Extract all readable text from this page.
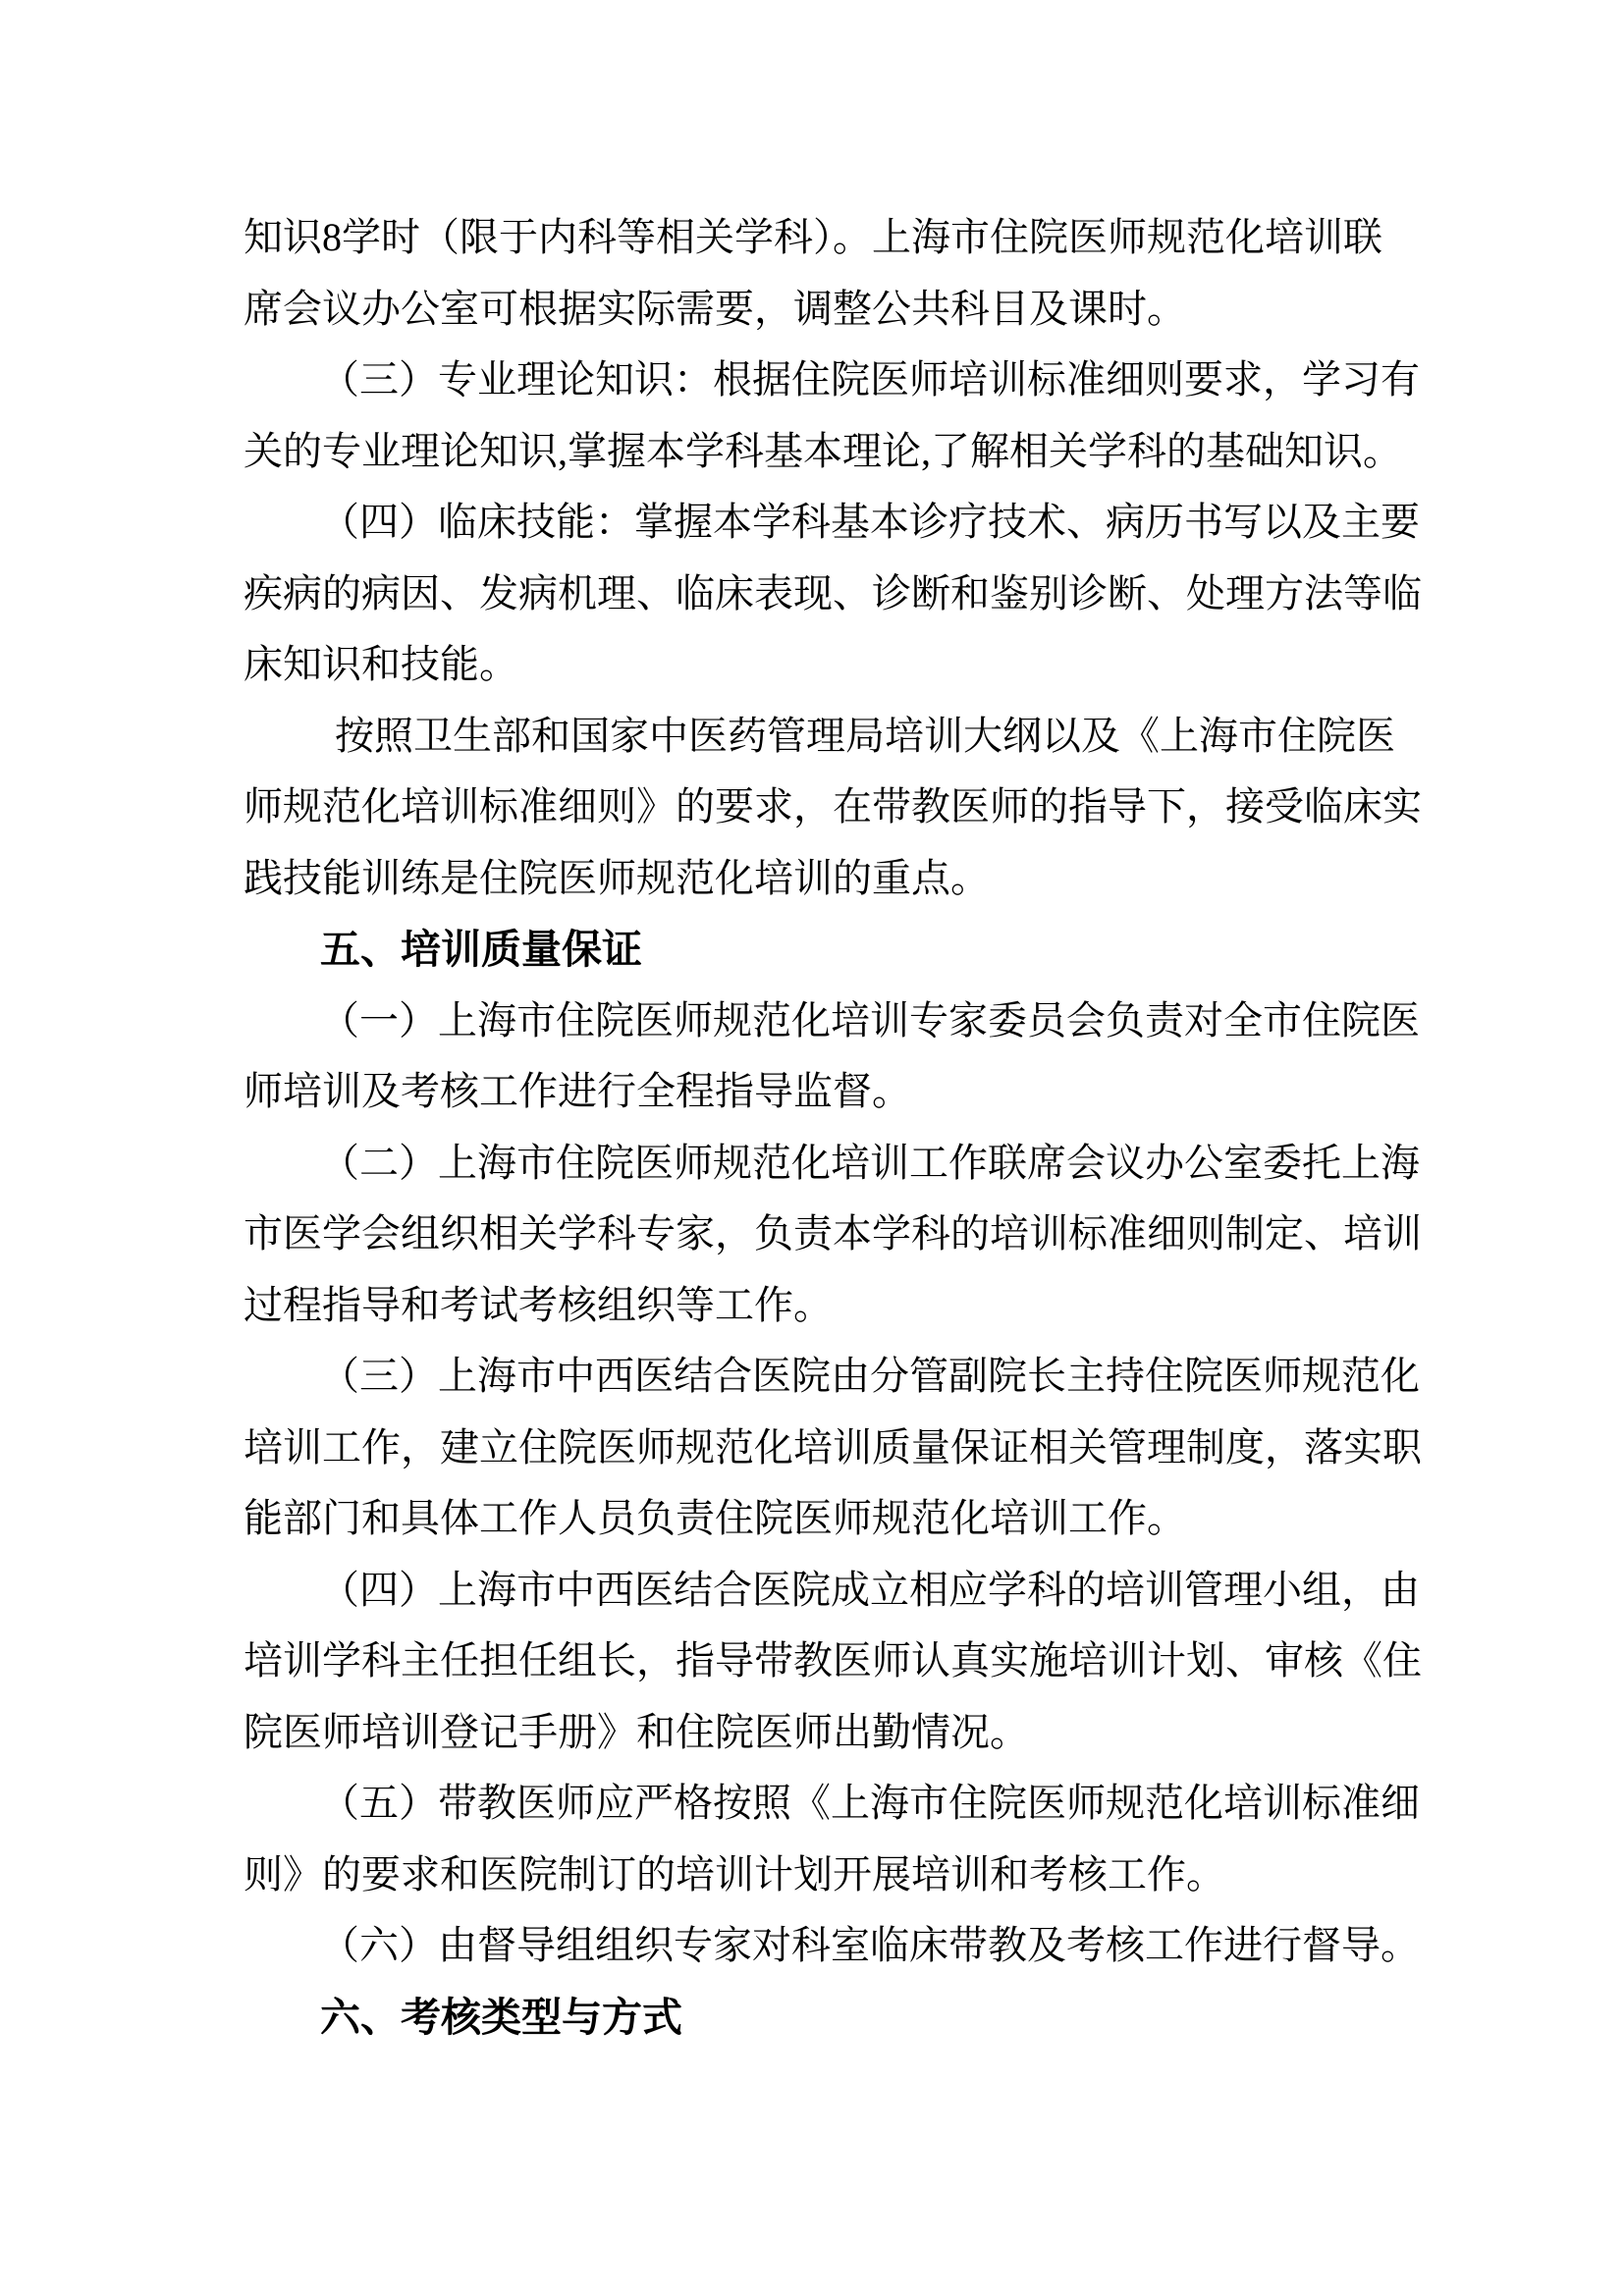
知识8学时（限于内科等相关学科）。上海市住院医师规范化培训联
席会议办公室可根据实际需要，调整公共科目及课时。
（三）专业理论知识：根据住院医师培训标准细则要求，学习有
关的专业理论知识,掌握本学科基本理论,了解相关学科的基础知识。
（四）临床技能：掌握本学科基本诊疗技术、病历书写以及主要
疾病的病因、发病机理、临床表现、诊断和鉴别诊断、处理方法等临
床知识和技能。
按照卫生部和国家中医药管理局培训大纲以及《上海市住院医
师规范化培训标准细则》的要求，在带教医师的指导下，接受临床实
践技能训练是住院医师规范化培训的重点。
五、培训质量保证
（一）上海市住院医师规范化培训专家委员会负责对全市住院医
师培训及考核工作进行全程指导监督。
（二）上海市住院医师规范化培训工作联席会议办公室委托上海
市医学会组织相关学科专家，负责本学科的培训标准细则制定、培训
过程指导和考试考核组织等工作。
（三）上海市中西医结合医院由分管副院长主持住院医师规范化
培训工作，建立住院医师规范化培训质量保证相关管理制度，落实职
能部门和具体工作人员负责住院医师规范化培训工作。
（四）上海市中西医结合医院成立相应学科的培训管理小组，由
培训学科主任担任组长，指导带教医师认真实施培训计划、审核《住
院医师培训登记手册》和住院医师出勤情况。
（五）带教医师应严格按照《上海市住院医师规范化培训标准细
则》的要求和医院制订的培训计划开展培训和考核工作。
（六）由督导组组织专家对科室临床带教及考核工作进行督导。
六、考核类型与方式
